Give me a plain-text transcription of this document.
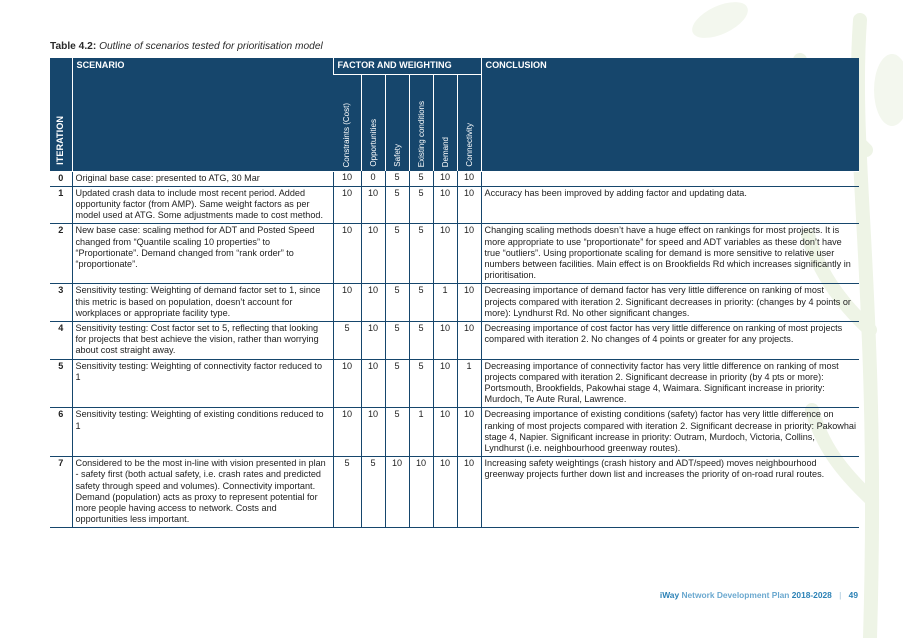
Table 4.2: Outline of scenarios tested for prioritisation model
ITERATION	SCENARIO	FACTOR AND WEIGHTING						CONCLUSION

		Constraints (Cost)	Opportunities	Safety	Existing conditions	Demand	Connectivity	

0	Original base case: presented to ATG, 30 Mar	10	0	5	5	10	10	
1	Updated crash data to include most recent period. Added opportunity factor (from AMP). Same weight factors as per model used at ATG. Some adjustments made to cost method.	10	10	5	5	10	10	Accuracy has been improved by adding factor and updating data.
2	New base case: scaling method for ADT and Posted Speed changed from “Quantile scaling 10 properties” to “Proportionate”. Demand changed from “rank order” to “proportionate”.	10	10	5	5	10	10	Changing scaling methods doesn’t have a huge effect on rankings for most projects. It is more appropriate to use “proportionate” for speed and ADT variables as these don’t have true “outliers”. Using proportionate scaling for demand is more sensitive to relative user numbers between facilities. Main effect is on Brookfields Rd which increases significantly in prioritisation.
3	Sensitivity testing: Weighting of demand factor set to 1, since this metric is based on population, doesn’t account for workplaces or appropriate facility type.	10	10	5	5	1	10	Decreasing importance of demand factor has very little difference on ranking of most projects compared with iteration 2. Significant decreases in priority: (changes by 4 points or more): Lyndhurst Rd. No other significant changes.
4	Sensitivity testing: Cost factor set to 5, reflecting that looking for projects that best achieve the vision, rather than worrying about cost straight away.	5	10	5	5	10	10	Decreasing importance of cost factor has very little difference on ranking of most projects compared with iteration 2. No changes of 4 points or greater for any projects.
5	Sensitivity testing: Weighting of connectivity factor reduced to 1	10	10	5	5	10	1	Decreasing importance of connectivity factor has very little difference on ranking of most projects compared with iteration 2. Significant decrease in priority (by 4 pts or more): Portsmouth, Brookfields, Pakowhai stage 4, Waimara. Significant increase in priority: Murdoch, Te Aute Rural, Lawrence.
6	Sensitivity testing: Weighting of existing conditions reduced to 1	10	10	5	1	10	10	Decreasing importance of existing conditions (safety) factor has very little difference on ranking of most projects compared with iteration 2. Significant decrease in priority: Pakowhai stage 4, Napier. Significant increase in priority: Outram, Murdoch, Victoria, Collins, Lyndhurst (i.e. neighbourhood greenway routes).
7	Considered to be the most in-line with vision presented in plan - safety first (both actual safety, i.e. crash rates and predicted safety through speed and volumes). Connectivity important. Demand (population) acts as proxy to represent potential for more people having access to network. Costs and opportunities less important.	5	5	10	10	10	10	Increasing safety weightings (crash history and ADT/speed) moves neighbourhood greenway projects further down list and increases the priority of on-road rural routes.
iWay Network Development Plan 2018-2028 | 49
